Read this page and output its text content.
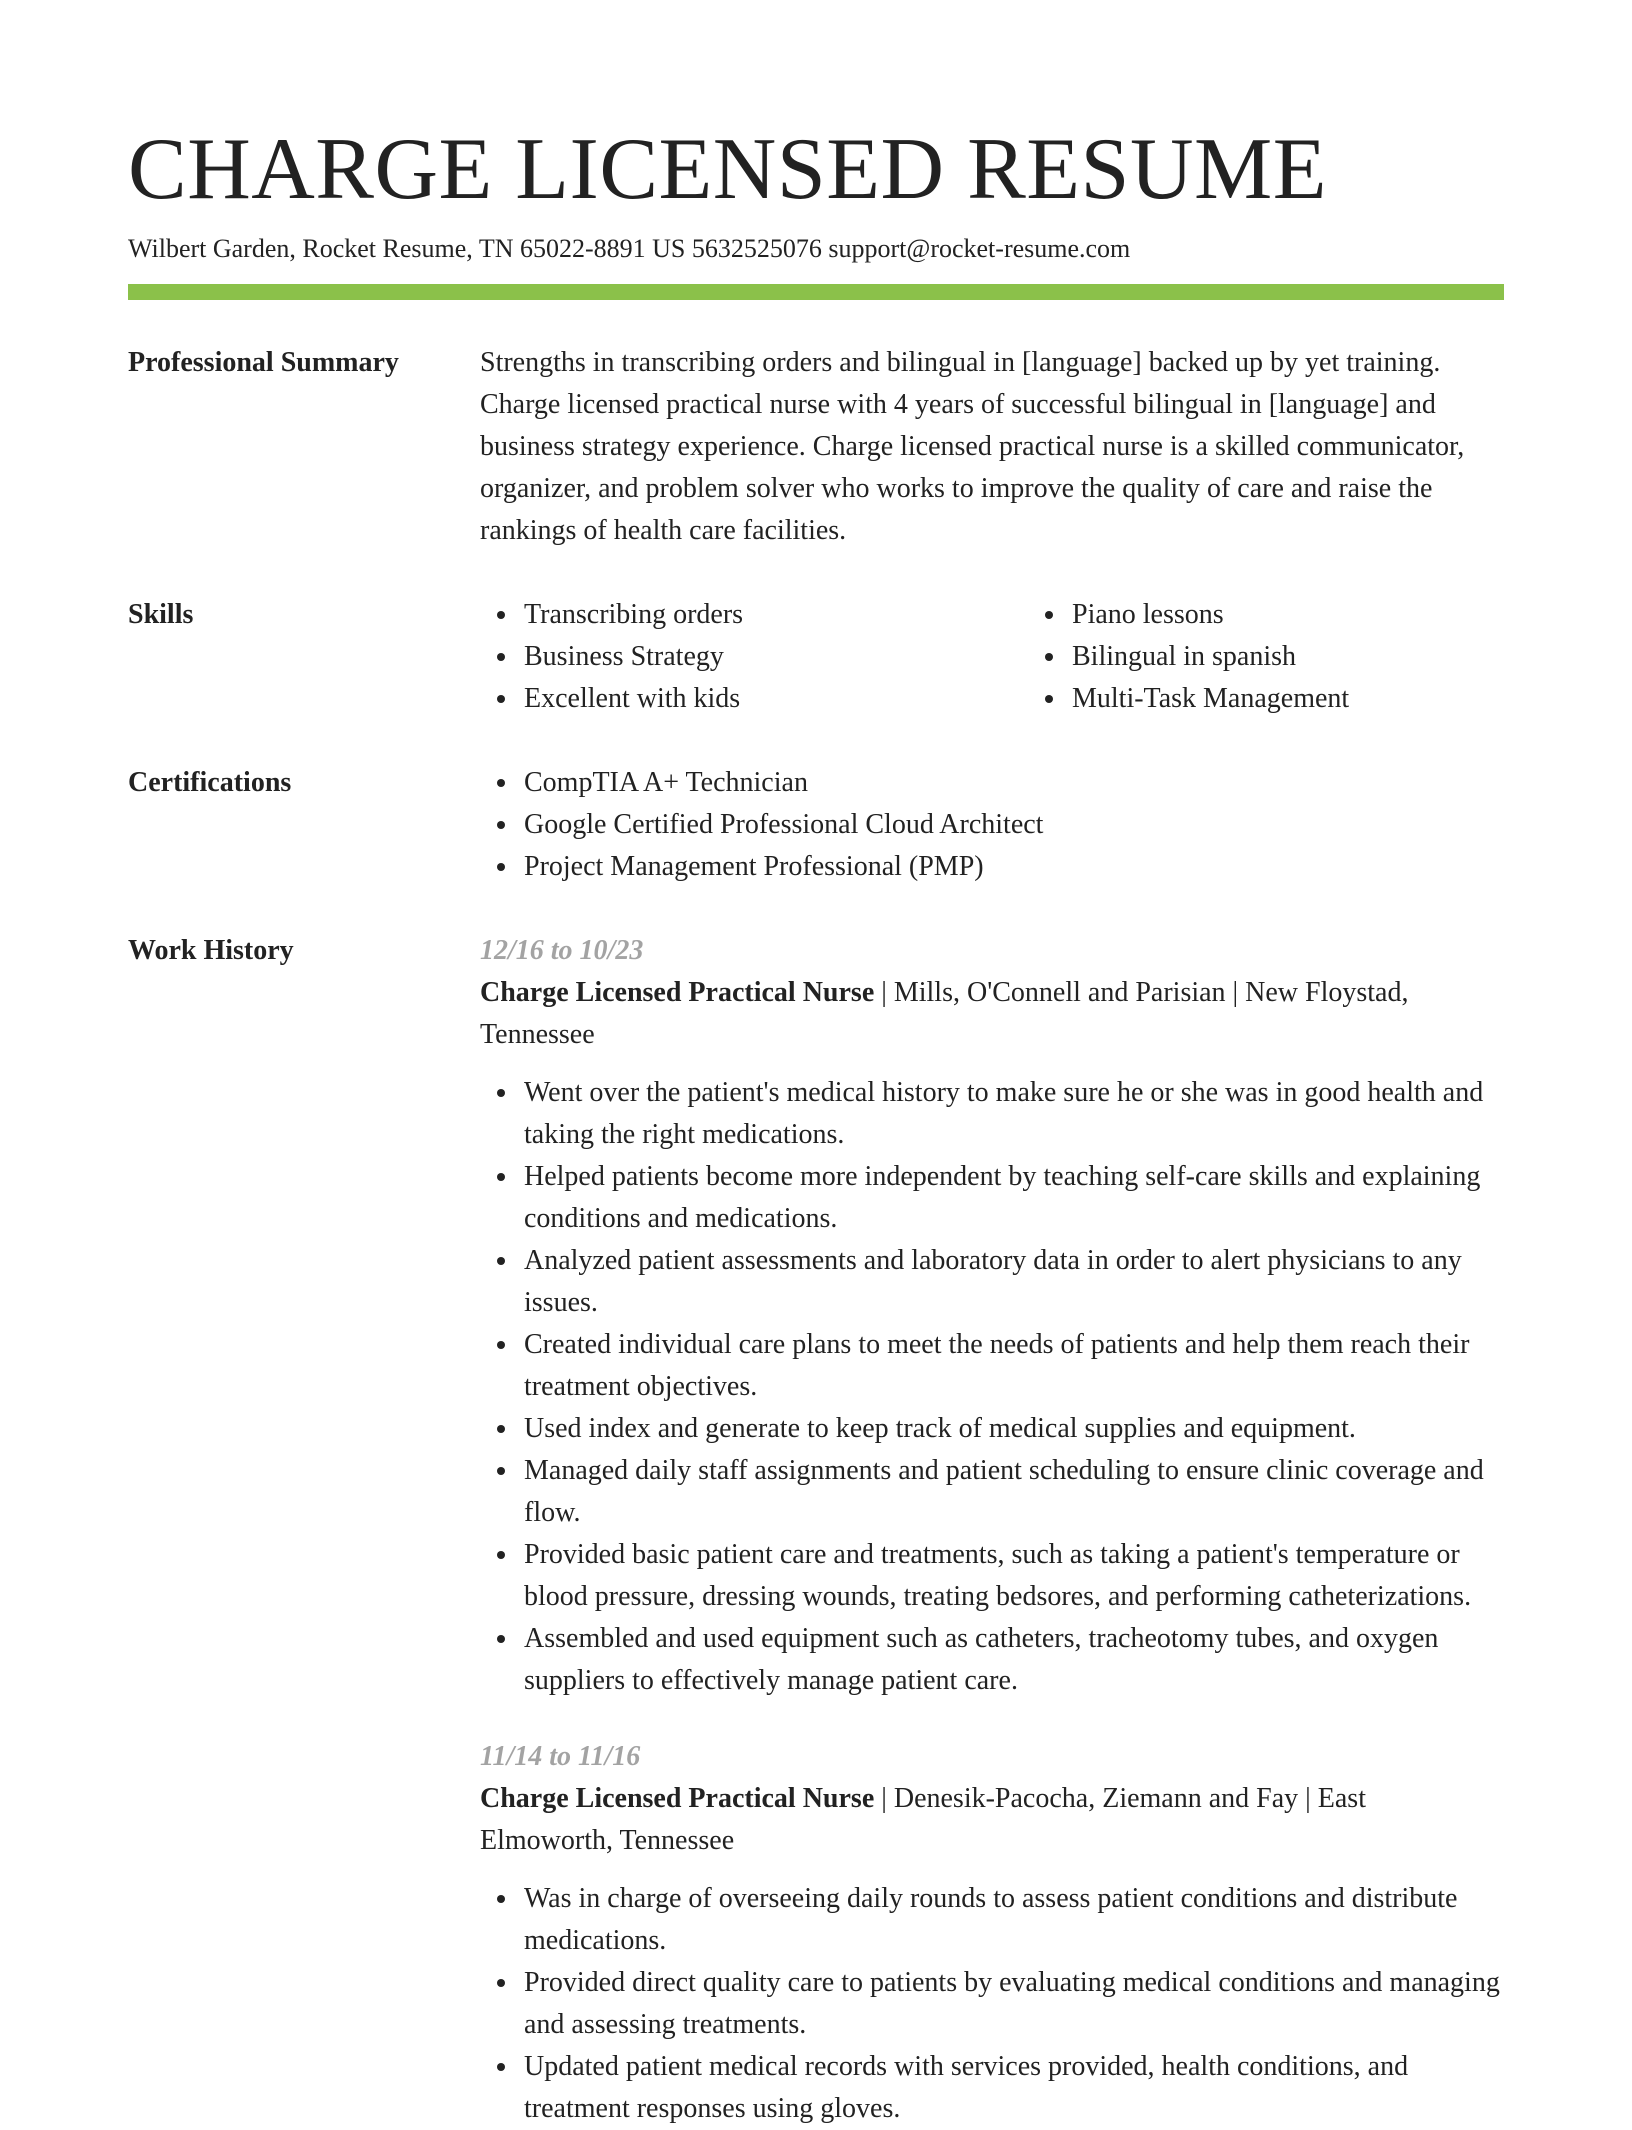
CHARGE LICENSED RESUME
Wilbert Garden, Rocket Resume, TN 65022-8891 US 5632525076 support@rocket-resume.com
Professional Summary	Strengths in transcribing orders and bilingual in [language] backed up by yet training. Charge licensed practical nurse with 4 years of successful bilingual in [language] and business strategy experience. Charge licensed practical nurse is a skilled communicator, organizer, and problem solver who works to improve the quality of care and raise the rankings of health care facilities.

Skills	Transcribing orders
Business Strategy
Excellent with kids
Piano lessons
Bilingual in spanish
Multi-Task Management
Certifications	CompTIA A+ Technician
Google Certified Professional Cloud Architect
Project Management Professional (PMP)
Work History	12/16 to 10/23

Charge Licensed Practical Nurse | Mills, O'Connell and Parisian | New Floystad, Tennessee

Went over the patient's medical history to make sure he or she was in good health and taking the right medications.
Helped patients become more independent by teaching self-care skills and explaining conditions and medications.
Analyzed patient assessments and laboratory data in order to alert physicians to any issues.
Created individual care plans to meet the needs of patients and help them reach their treatment objectives.
Used index and generate to keep track of medical supplies and equipment.
Managed daily staff assignments and patient scheduling to ensure clinic coverage and flow.
Provided basic patient care and treatments, such as taking a patient's temperature or blood pressure, dressing wounds, treating bedsores, and performing catheterizations.
Assembled and used equipment such as catheters, tracheotomy tubes, and oxygen suppliers to effectively manage patient care.
11/14 to 11/16

Charge Licensed Practical Nurse | Denesik-Pacocha, Ziemann and Fay | East Elmoworth, Tennessee

Was in charge of overseeing daily rounds to assess patient conditions and distribute medications.
Provided direct quality care to patients by evaluating medical conditions and managing and assessing treatments.
Updated patient medical records with services provided, health conditions, and treatment responses using gloves.
